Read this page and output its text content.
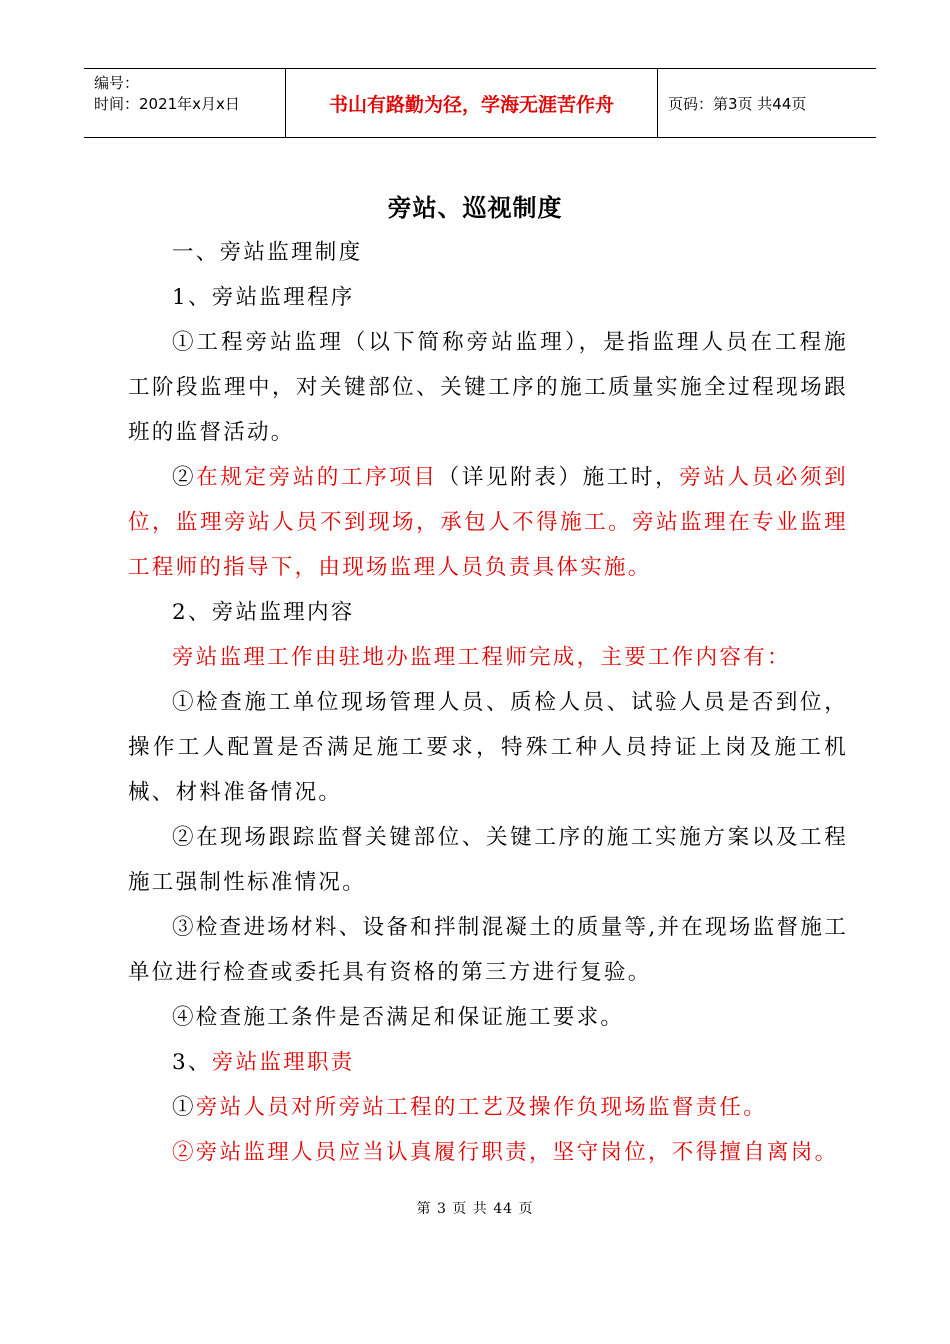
编号：
时间：2021年x月x日	书山有路勤为径，学海无涯苦作舟	页码：第3页 共44页
旁站、巡视制度

一、旁站监理制度

1、旁站监理程序

①工程旁站监理（以下简称旁站监理），是指监理人员在工程施工阶段监理中，对关键部位、关键工序的施工质量实施全过程现场跟班的监督活动。

②在规定旁站的工序项目（详见附表）施工时，旁站人员必须到位，监理旁站人员不到现场，承包人不得施工。旁站监理在专业监理工程师的指导下，由现场监理人员负责具体实施。

2、旁站监理内容

旁站监理工作由驻地办监理工程师完成，主要工作内容有：

①检查施工单位现场管理人员、质检人员、试验人员是否到位，操作工人配置是否满足施工要求，特殊工种人员持证上岗及施工机械、材料准备情况。

②在现场跟踪监督关键部位、关键工序的施工实施方案以及工程施工强制性标准情况。

③检查进场材料、设备和拌制混凝土的质量等,并在现场监督施工单位进行检查或委托具有资格的第三方进行复验。

④检查施工条件是否满足和保证施工要求。

3、旁站监理职责

①旁站人员对所旁站工程的工艺及操作负现场监督责任。

②旁站监理人员应当认真履行职责，坚守岗位，不得擅自离岗。

第 3 页 共 44 页
